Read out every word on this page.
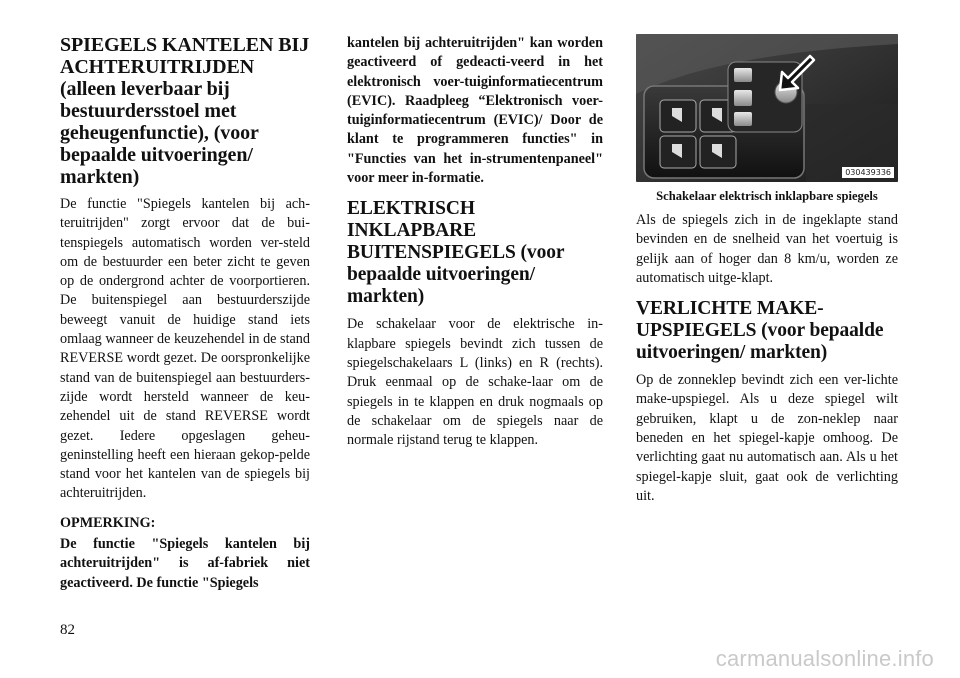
SPIEGELS KANTELEN BIJ ACHTERUITRIJDEN (alleen leverbaar bij bestuurdersstoel met geheugenfunctie), (voor bepaalde uitvoeringen/ markten)

De functie "Spiegels kantelen bij ach-teruitrijden" zorgt ervoor dat de bui-tenspiegels automatisch worden ver-steld om de bestuurder een beter zicht te geven op de ondergrond achter de voorportieren. De buitenspiegel aan bestuurderszijde beweegt vanuit de huidige stand iets omlaag wanneer de keuzehendel in de stand REVERSE wordt gezet. De oorspronkelijke stand van de buitenspiegel aan bestuurders-zijde wordt hersteld wanneer de keu-zehendel uit de stand REVERSE wordt gezet. Iedere opgeslagen geheu-geninstelling heeft een hieraan gekop-pelde stand voor het kantelen van de spiegels bij achteruitrijden.

OPMERKING:

De functie "Spiegels kantelen bij achteruitrijden" is af-fabriek niet geactiveerd. De functie "Spiegels

kantelen bij achteruitrijden" kan worden geactiveerd of gedeacti-veerd in het elektronisch voer-tuiginformatiecentrum (EVIC). Raadpleeg “Elektronisch voer-tuiginformatiecentrum (EVIC)/ Door de klant te programmeren functies" in "Functies van het in-strumentenpaneel" voor meer in-formatie.

ELEKTRISCH INKLAPBARE BUITENSPIEGELS (voor bepaalde uitvoeringen/ markten)

De schakelaar voor de elektrische in-klapbare spiegels bevindt zich tussen de spiegelschakelaars L (links) en R (rechts). Druk eenmaal op de schake-laar om de spiegels in te klappen en druk nogmaals op de schakelaar om de spiegels naar de normale rijstand terug te klappen.

030439336
Schakelaar elektrisch inklapbare spiegels

Als de spiegels zich in de ingeklapte stand bevinden en de snelheid van het voertuig is gelijk aan of hoger dan 8 km/u, worden ze automatisch uitge-klapt.

VERLICHTE MAKE-UPSPIEGELS (voor bepaalde uitvoeringen/ markten)

Op de zonneklep bevindt zich een ver-lichte make-upspiegel. Als u deze spiegel wilt gebruiken, klapt u de zon-neklep naar beneden en het spiegel-kapje omhoog. De verlichting gaat nu automatisch aan. Als u het spiegel-kapje sluit, gaat ook de verlichting uit.

82
carmanualsonline.info
